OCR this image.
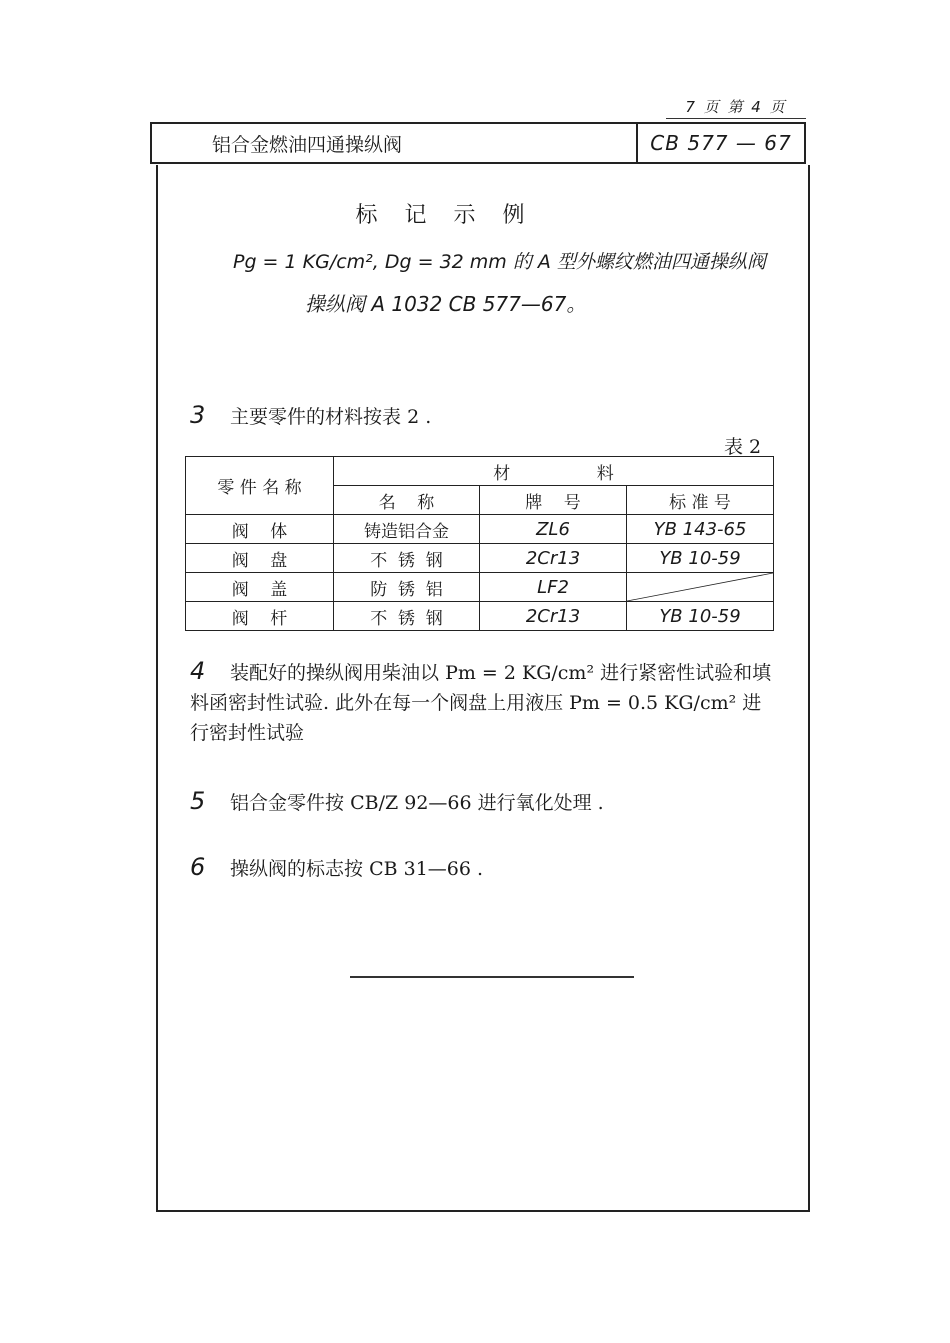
7 页 第 4 页
铝合金燃油四通操纵阀	CB 577 — 67
标 记 示 例
Pg = 1 KG/cm², Dg = 32 mm 的 A 型外螺纹燃油四通操纵阀
操纵阀 A 1032 CB 577—67。
3 主要零件的材料按表 2 .
表 2
零 件 名 称	材                料		
	名    称	牌    号	标 准 号
阀    体	铸造铝合金	ZL6	YB 143-65
阀    盘	不  锈  钢	2Cr13	YB 10-59
阀    盖	防  锈  铝	LF2	

阀    杆	不  锈  钢	2Cr13	YB 10-59
4 装配好的操纵阀用柴油以 Pm = 2 KG/cm² 进行紧密性试验和填料函密封性试验. 此外在每一个阀盘上用液压 Pm = 0.5 KG/cm² 进行密封性试验
5 铝合金零件按 CB/Z 92—66 进行氧化处理 .
6 操纵阀的标志按 CB 31—66 .
